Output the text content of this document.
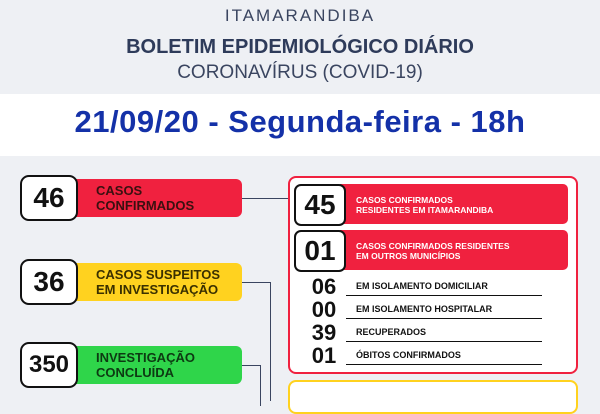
ITAMARANDIBA
BOLETIM EPIDEMIOLÓGICO DIÁRIO
CORONAVÍRUS (COVID-19)
21/09/20 - Segunda-feira - 18h
46	CASOS
CONFIRMADOS
36	CASOS SUSPEITOS
EM INVESTIGAÇÃO
350	INVESTIGAÇÃO
CONCLUÍDA
45	CASOS CONFIRMADOS
RESIDENTES EM ITAMARANDIBA
01	CASOS CONFIRMADOS RESIDENTES
EM OUTROS MUNICÍPIOS
06	EM ISOLAMENTO DOMICILIAR
00	EM ISOLAMENTO HOSPITALAR
39	RECUPERADOS
01	ÓBITOS CONFIRMADOS
